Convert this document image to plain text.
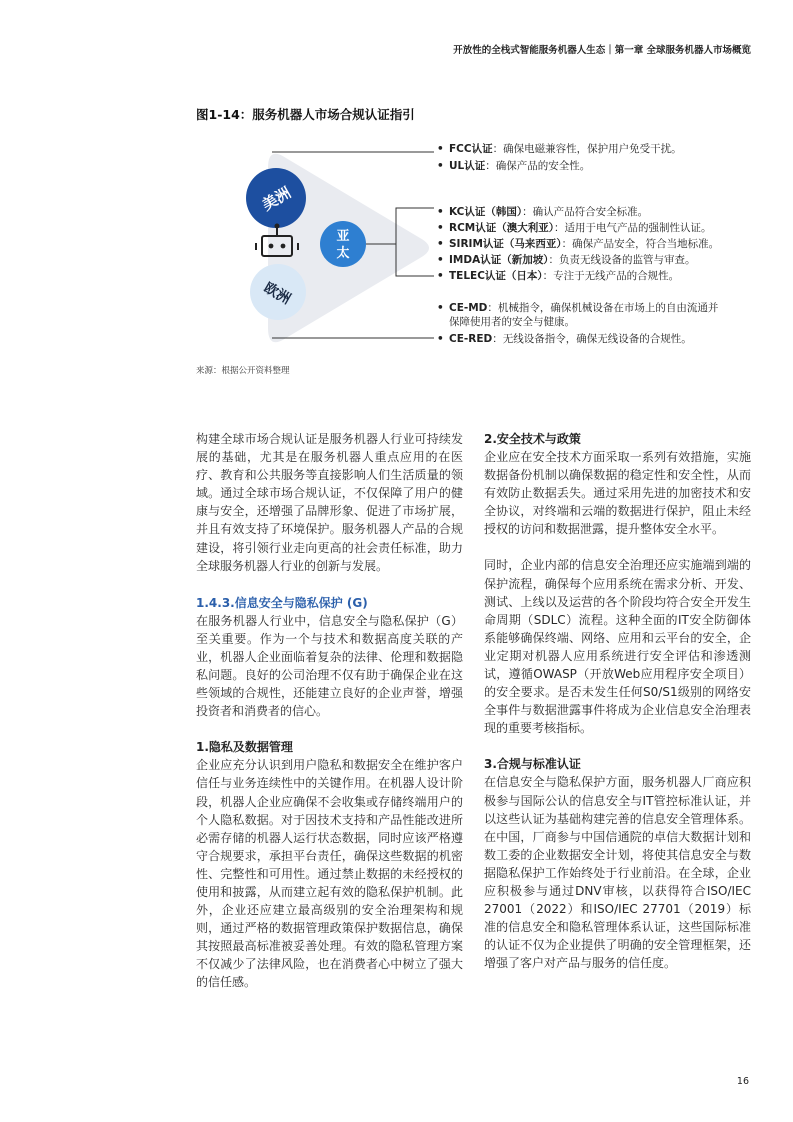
开放性的全栈式智能服务机器人生态｜第一章 全球服务机器人市场概览
图1-14：服务机器人市场合规认证指引
美洲
亚
太
欧洲
• FCC认证：确保电磁兼容性，保护用户免受干扰。
• UL认证：确保产品的安全性。
• KC认证（韩国）：确认产品符合安全标准。
• RCM认证（澳大利亚）：适用于电气产品的强制性认证。
• SIRIM认证（马来西亚）：确保产品安全，符合当地标准。
• IMDA认证（新加坡）：负责无线设备的监管与审查。
• TELEC认证（日本）：专注于无线产品的合规性。
• CE-MD：机械指令，确保机械设备在市场上的自由流通并
保障使用者的安全与健康。
• CE-RED：无线设备指令，确保无线设备的合规性。
来源：根据公开资料整理

构建全球市场合规认证是服务机器人行业可持续发展的基础，尤其是在服务机器人重点应用的在医疗、教育和公共服务等直接影响人们生活质量的领域。通过全球市场合规认证，不仅保障了用户的健康与安全，还增强了品牌形象、促进了市场扩展，并且有效支持了环境保护。服务机器人产品的合规建设，将引领行业走向更高的社会责任标准，助力全球服务机器人行业的创新与发展。

1.4.3.信息安全与隐私保护 (G)

在服务机器人行业中，信息安全与隐私保护（G）至关重要。作为一个与技术和数据高度关联的产业，机器人企业面临着复杂的法律、伦理和数据隐私问题。良好的公司治理不仅有助于确保企业在这些领域的合规性，还能建立良好的企业声誉，增强投资者和消费者的信心。

1.隐私及数据管理

企业应充分认识到用户隐私和数据安全在维护客户信任与业务连续性中的关键作用。在机器人设计阶段，机器人企业应确保不会收集或存储终端用户的个人隐私数据。对于因技术支持和产品性能改进所必需存储的机器人运行状态数据，同时应该严格遵守合规要求，承担平台责任，确保这些数据的机密性、完整性和可用性。通过禁止数据的未经授权的使用和披露，从而建立起有效的隐私保护机制。此外，企业还应建立最高级别的安全治理架构和规则，通过严格的数据管理政策保护数据信息，确保其按照最高标准被妥善处理。有效的隐私管理方案不仅减少了法律风险，也在消费者心中树立了强大的信任感。

2.安全技术与政策

企业应在安全技术方面采取一系列有效措施，实施数据备份机制以确保数据的稳定性和安全性，从而有效防止数据丢失。通过采用先进的加密技术和安全协议，对终端和云端的数据进行保护，阻止未经授权的访问和数据泄露，提升整体安全水平。

同时，企业内部的信息安全治理还应实施端到端的保护流程，确保每个应用系统在需求分析、开发、测试、上线以及运营的各个阶段均符合安全开发生命周期（SDLC）流程。这种全面的IT安全防御体系能够确保终端、网络、应用和云平台的安全，企业定期对机器人应用系统进行安全评估和渗透测试，遵循OWASP（开放Web应用程序安全项目）的安全要求。是否未发生任何S0/S1级别的网络安全事件与数据泄露事件将成为企业信息安全治理表现的重要考核指标。

3.合规与标准认证

在信息安全与隐私保护方面，服务机器人厂商应积极参与国际公认的信息安全与IT管控标准认证，并以这些认证为基础构建完善的信息安全管理体系。在中国，厂商参与中国信通院的卓信大数据计划和数工委的企业数据安全计划，将使其信息安全与数据隐私保护工作始终处于行业前沿。在全球，企业应积极参与通过DNV审核，以获得符合ISO/IEC 27001（2022）和ISO/IEC 27701（2019）标准的信息安全和隐私管理体系认证，这些国际标准的认证不仅为企业提供了明确的安全管理框架，还增强了客户对产品与服务的信任度。

16
